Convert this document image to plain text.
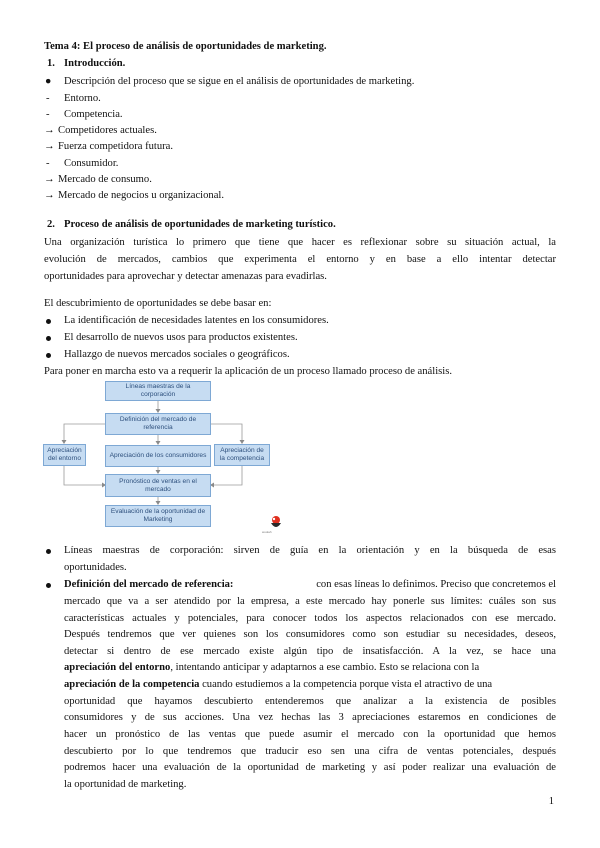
Tema 4: El proceso de análisis de oportunidades de marketing.
1. Introducción.
● Descripción del proceso que se sigue en el análisis de oportunidades de marketing.
- Entorno.
- Competencia.
→ Competidores actuales.
→ Fuerza competidora futura.
- Consumidor.
→ Mercado de consumo.
→ Mercado de negocios u organizacional.
2. Proceso de análisis de oportunidades de marketing turístico.
Una organización turística lo primero que tiene que hacer es reflexionar sobre su situación actual, la
evolución de mercados, cambios que experimenta el entorno y en base a ello intentar detectar
oportunidades para aprovechar y detectar amenazas para evadirlas.
El descubrimiento de oportunidades se debe basar en:
La identificación de necesidades latentes en los consumidores.
El desarrollo de nuevos usos para productos existentes.
Hallazgo de nuevos mercados sociales o geográficos.
Para poner en marcha esto va a requerir la aplicación de un proceso llamado proceso de análisis.
Líneas maestras de la corporación
Definición del mercado de referencia
Apreciación del entorno	Apreciación de los consumidores
Apreciación de la competencia
Pronóstico de ventas en el mercado
Evaluación de la oportunidad de Marketing
wuolah
Líneas maestras de corporación: sirven de guía en la orientación y en la búsqueda de esas
oportunidades.
Definición del mercado de referencia:	con esas líneas lo definimos. Preciso que concretemos el
mercado que va a ser atendido por la empresa, a este mercado hay ponerle sus límites: cuáles son sus
características actuales y potenciales, para conocer todos los aspectos relacionados con ese mercado.
Después tendremos que ver quienes son los consumidores como son estudiar su necesidades, deseos,
detectar si dentro de ese mercado existe algún tipo de insatisfacción. A la vez, se hace una
apreciación del entorno, intentando anticipar y adaptarnos a ese cambio. Esto se relaciona con la
apreciación de la competencia cuando estudiemos a la competencia porque vista el atractivo de una
oportunidad que hayamos descubierto entenderemos que analizar a la existencia de posibles
consumidores y de sus acciones. Una vez hechas las 3 apreciaciones estaremos en condiciones de
hacer un pronóstico de las ventas que puede asumir el mercado con la oportunidad que hemos
descubierto por lo que tendremos que traducir eso sen una cifra de ventas potenciales, después
podremos hacer una evaluación de la oportunidad de marketing y así poder realizar una evaluación de
la oportunidad de marketing.
1
